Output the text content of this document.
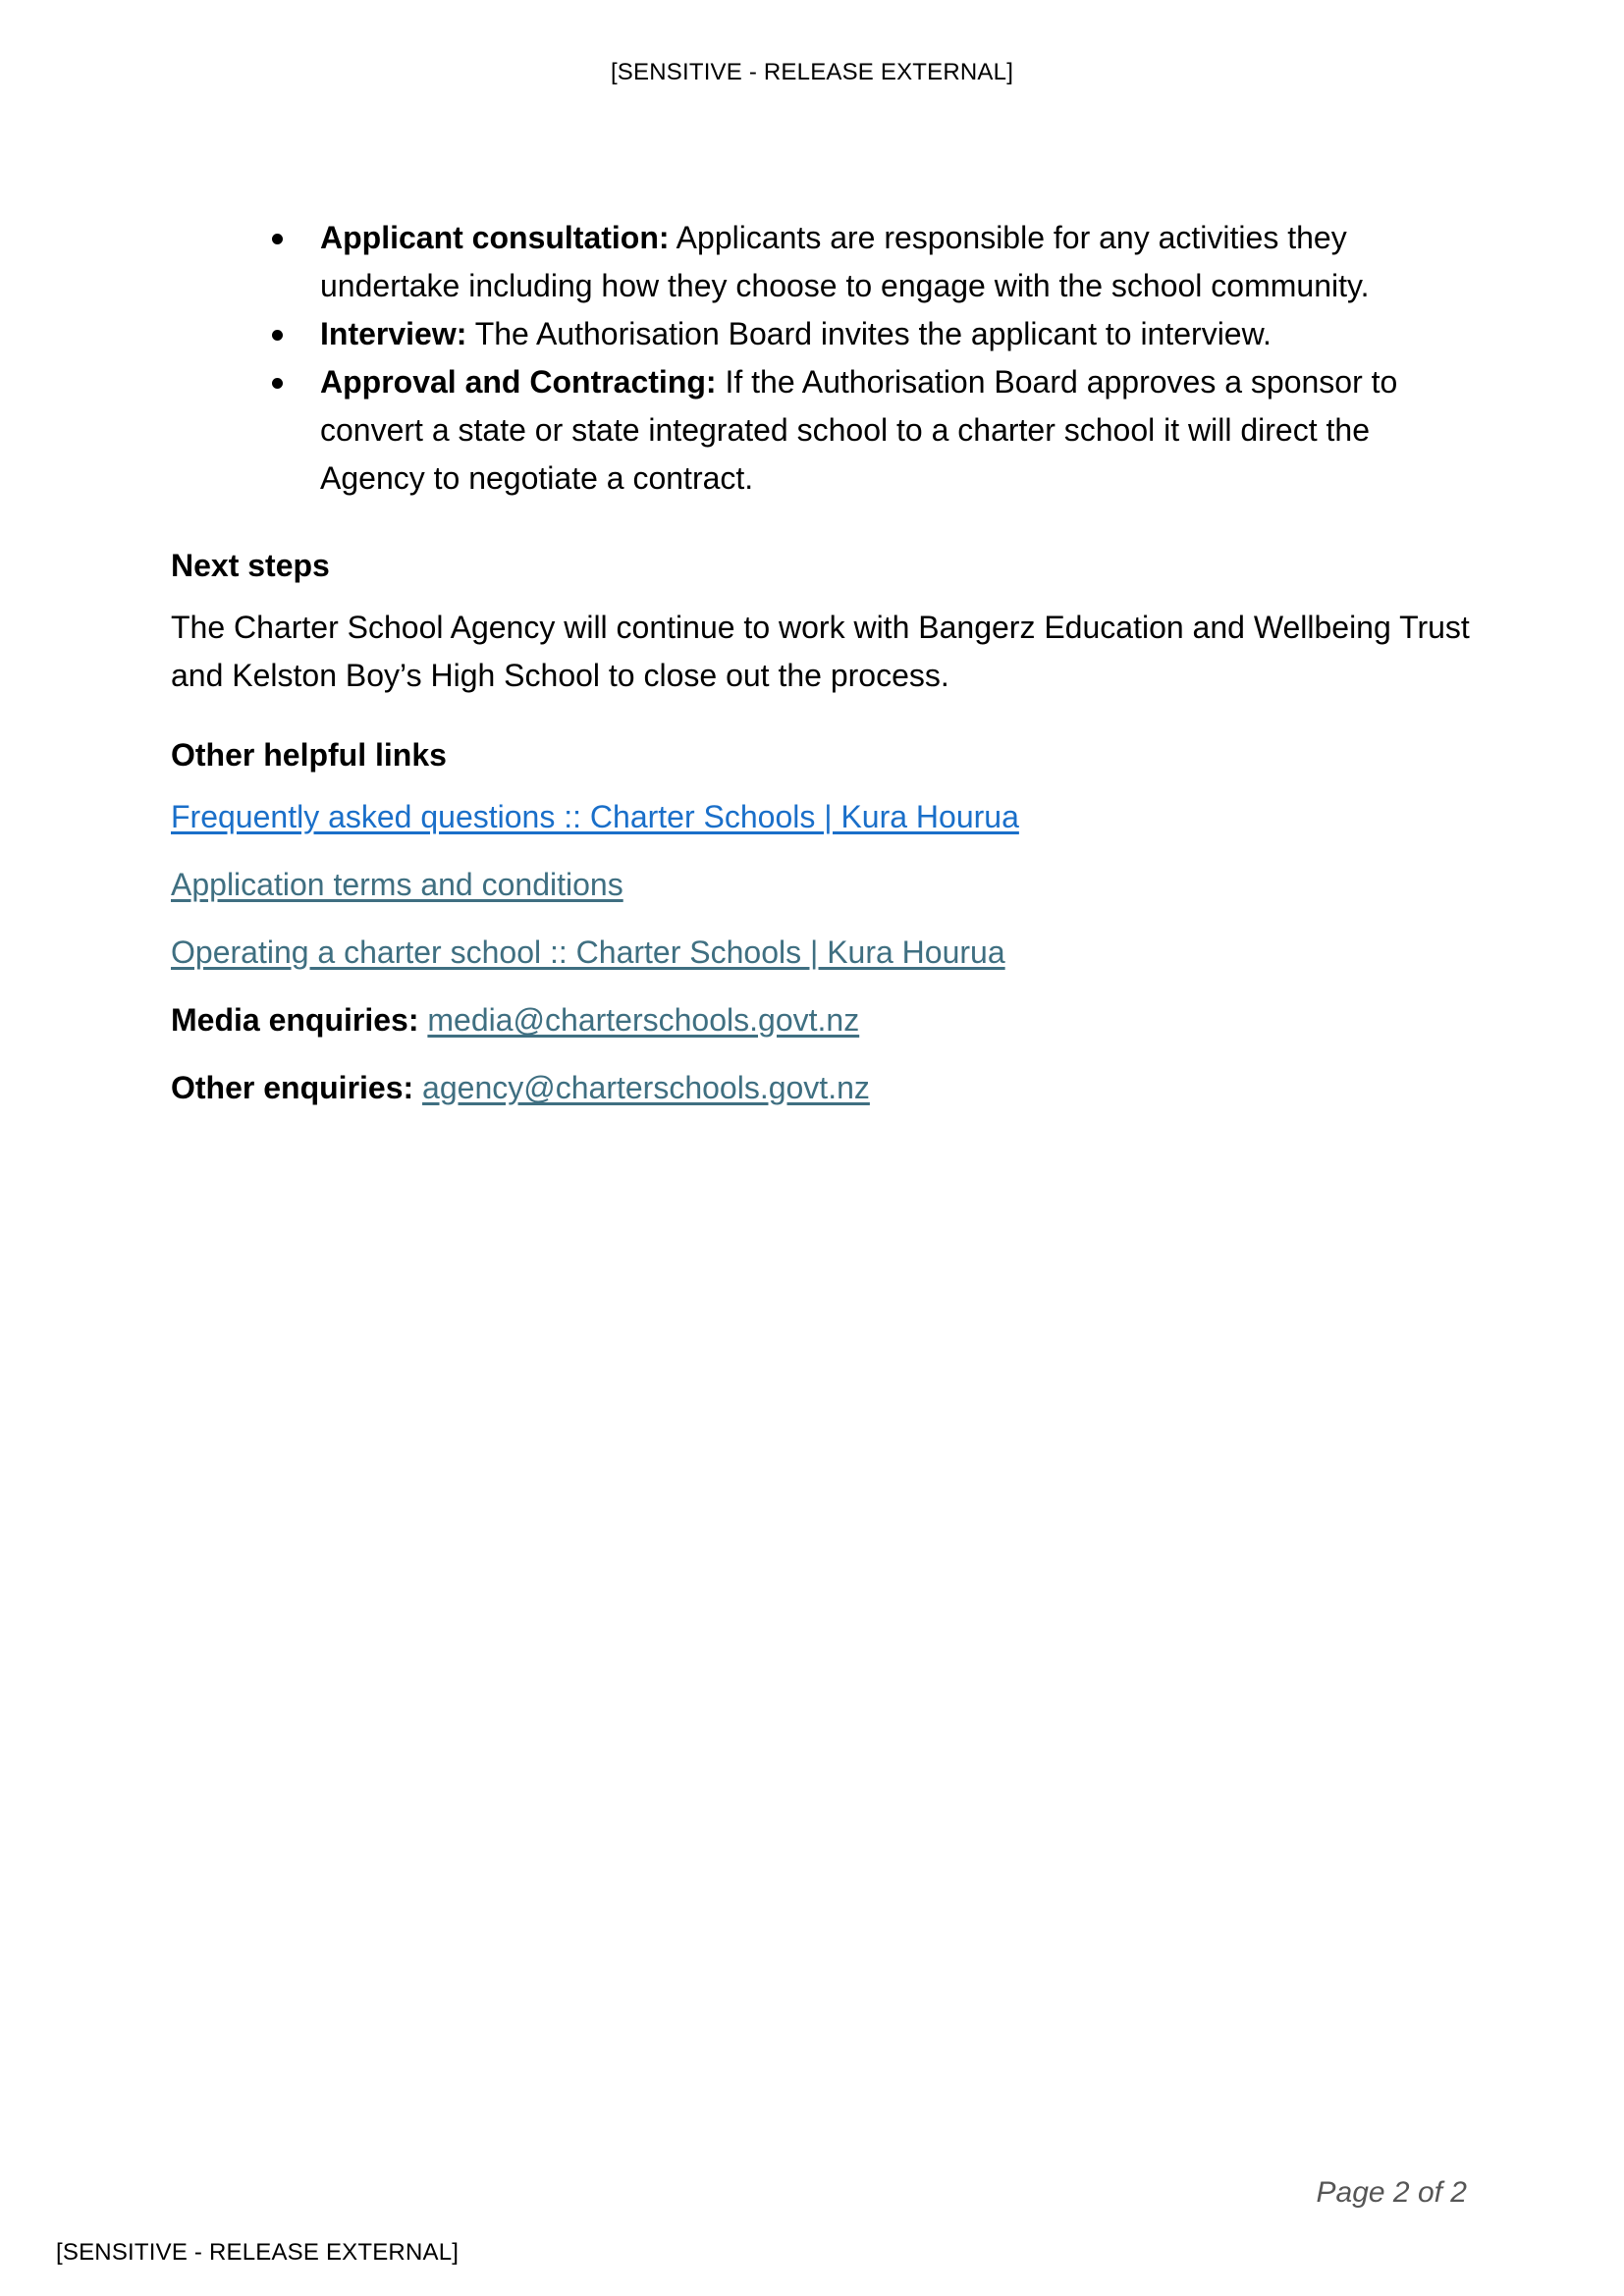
[SENSITIVE - RELEASE EXTERNAL]
Applicant consultation: Applicants are responsible for any activities they undertake including how they choose to engage with the school community.
Interview: The Authorisation Board invites the applicant to interview.
Approval and Contracting: If the Authorisation Board approves a sponsor to convert a state or state integrated school to a charter school it will direct the Agency to negotiate a contract.
Next steps

The Charter School Agency will continue to work with Bangerz Education and Wellbeing Trust and Kelston Boy’s High School to close out the process.

Other helpful links
Frequently asked questions :: Charter Schools | Kura Hourua
Application terms and conditions
Operating a charter school :: Charter Schools | Kura Hourua
Media enquiries: media@charterschools.govt.nz
Other enquiries: agency@charterschools.govt.nz
Page 2 of 2
[SENSITIVE - RELEASE EXTERNAL]
